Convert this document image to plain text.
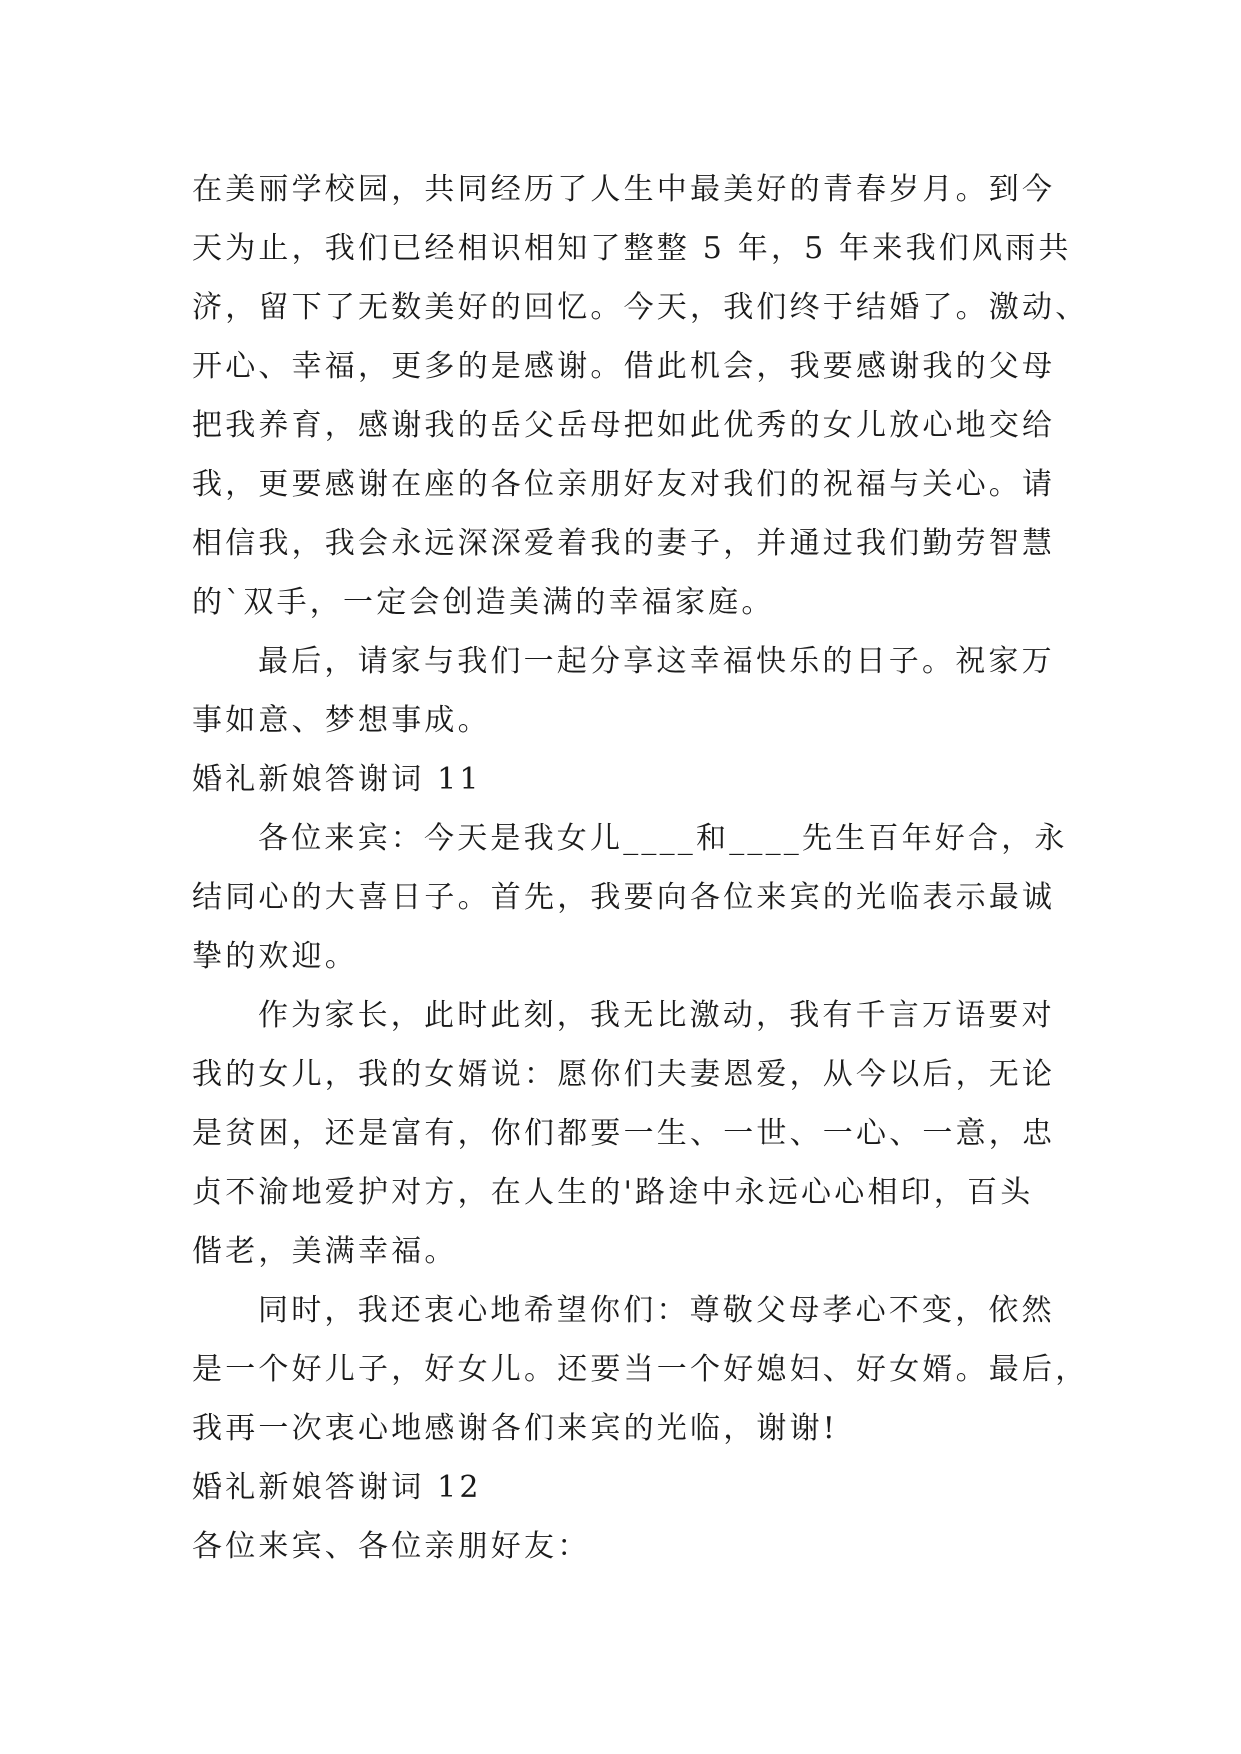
在美丽学校园，共同经历了人生中最美好的青春岁月。到今
天为止，我们已经相识相知了整整 5 年，5 年来我们风雨共
济，留下了无数美好的回忆。今天，我们终于结婚了。激动、
开心、幸福，更多的是感谢。借此机会，我要感谢我的父母
把我养育，感谢我的岳父岳母把如此优秀的女儿放心地交给
我，更要感谢在座的各位亲朋好友对我们的祝福与关心。请
相信我，我会永远深深爱着我的妻子，并通过我们勤劳智慧
的`双手，一定会创造美满的幸福家庭。
最后，请家与我们一起分享这幸福快乐的日子。祝家万
事如意、梦想事成。
婚礼新娘答谢词 11
各位来宾：今天是我女儿____和____先生百年好合，永
结同心的大喜日子。首先，我要向各位来宾的光临表示最诚
挚的欢迎。
作为家长，此时此刻，我无比激动，我有千言万语要对
我的女儿，我的女婿说：愿你们夫妻恩爱，从今以后，无论
是贫困，还是富有，你们都要一生、一世、一心、一意，忠
贞不渝地爱护对方，在人生的'路途中永远心心相印，百头
偕老，美满幸福。
同时，我还衷心地希望你们：尊敬父母孝心不变，依然
是一个好儿子，好女儿。还要当一个好媳妇、好女婿。最后，
我再一次衷心地感谢各们来宾的光临，谢谢!
婚礼新娘答谢词 12
各位来宾、各位亲朋好友：
